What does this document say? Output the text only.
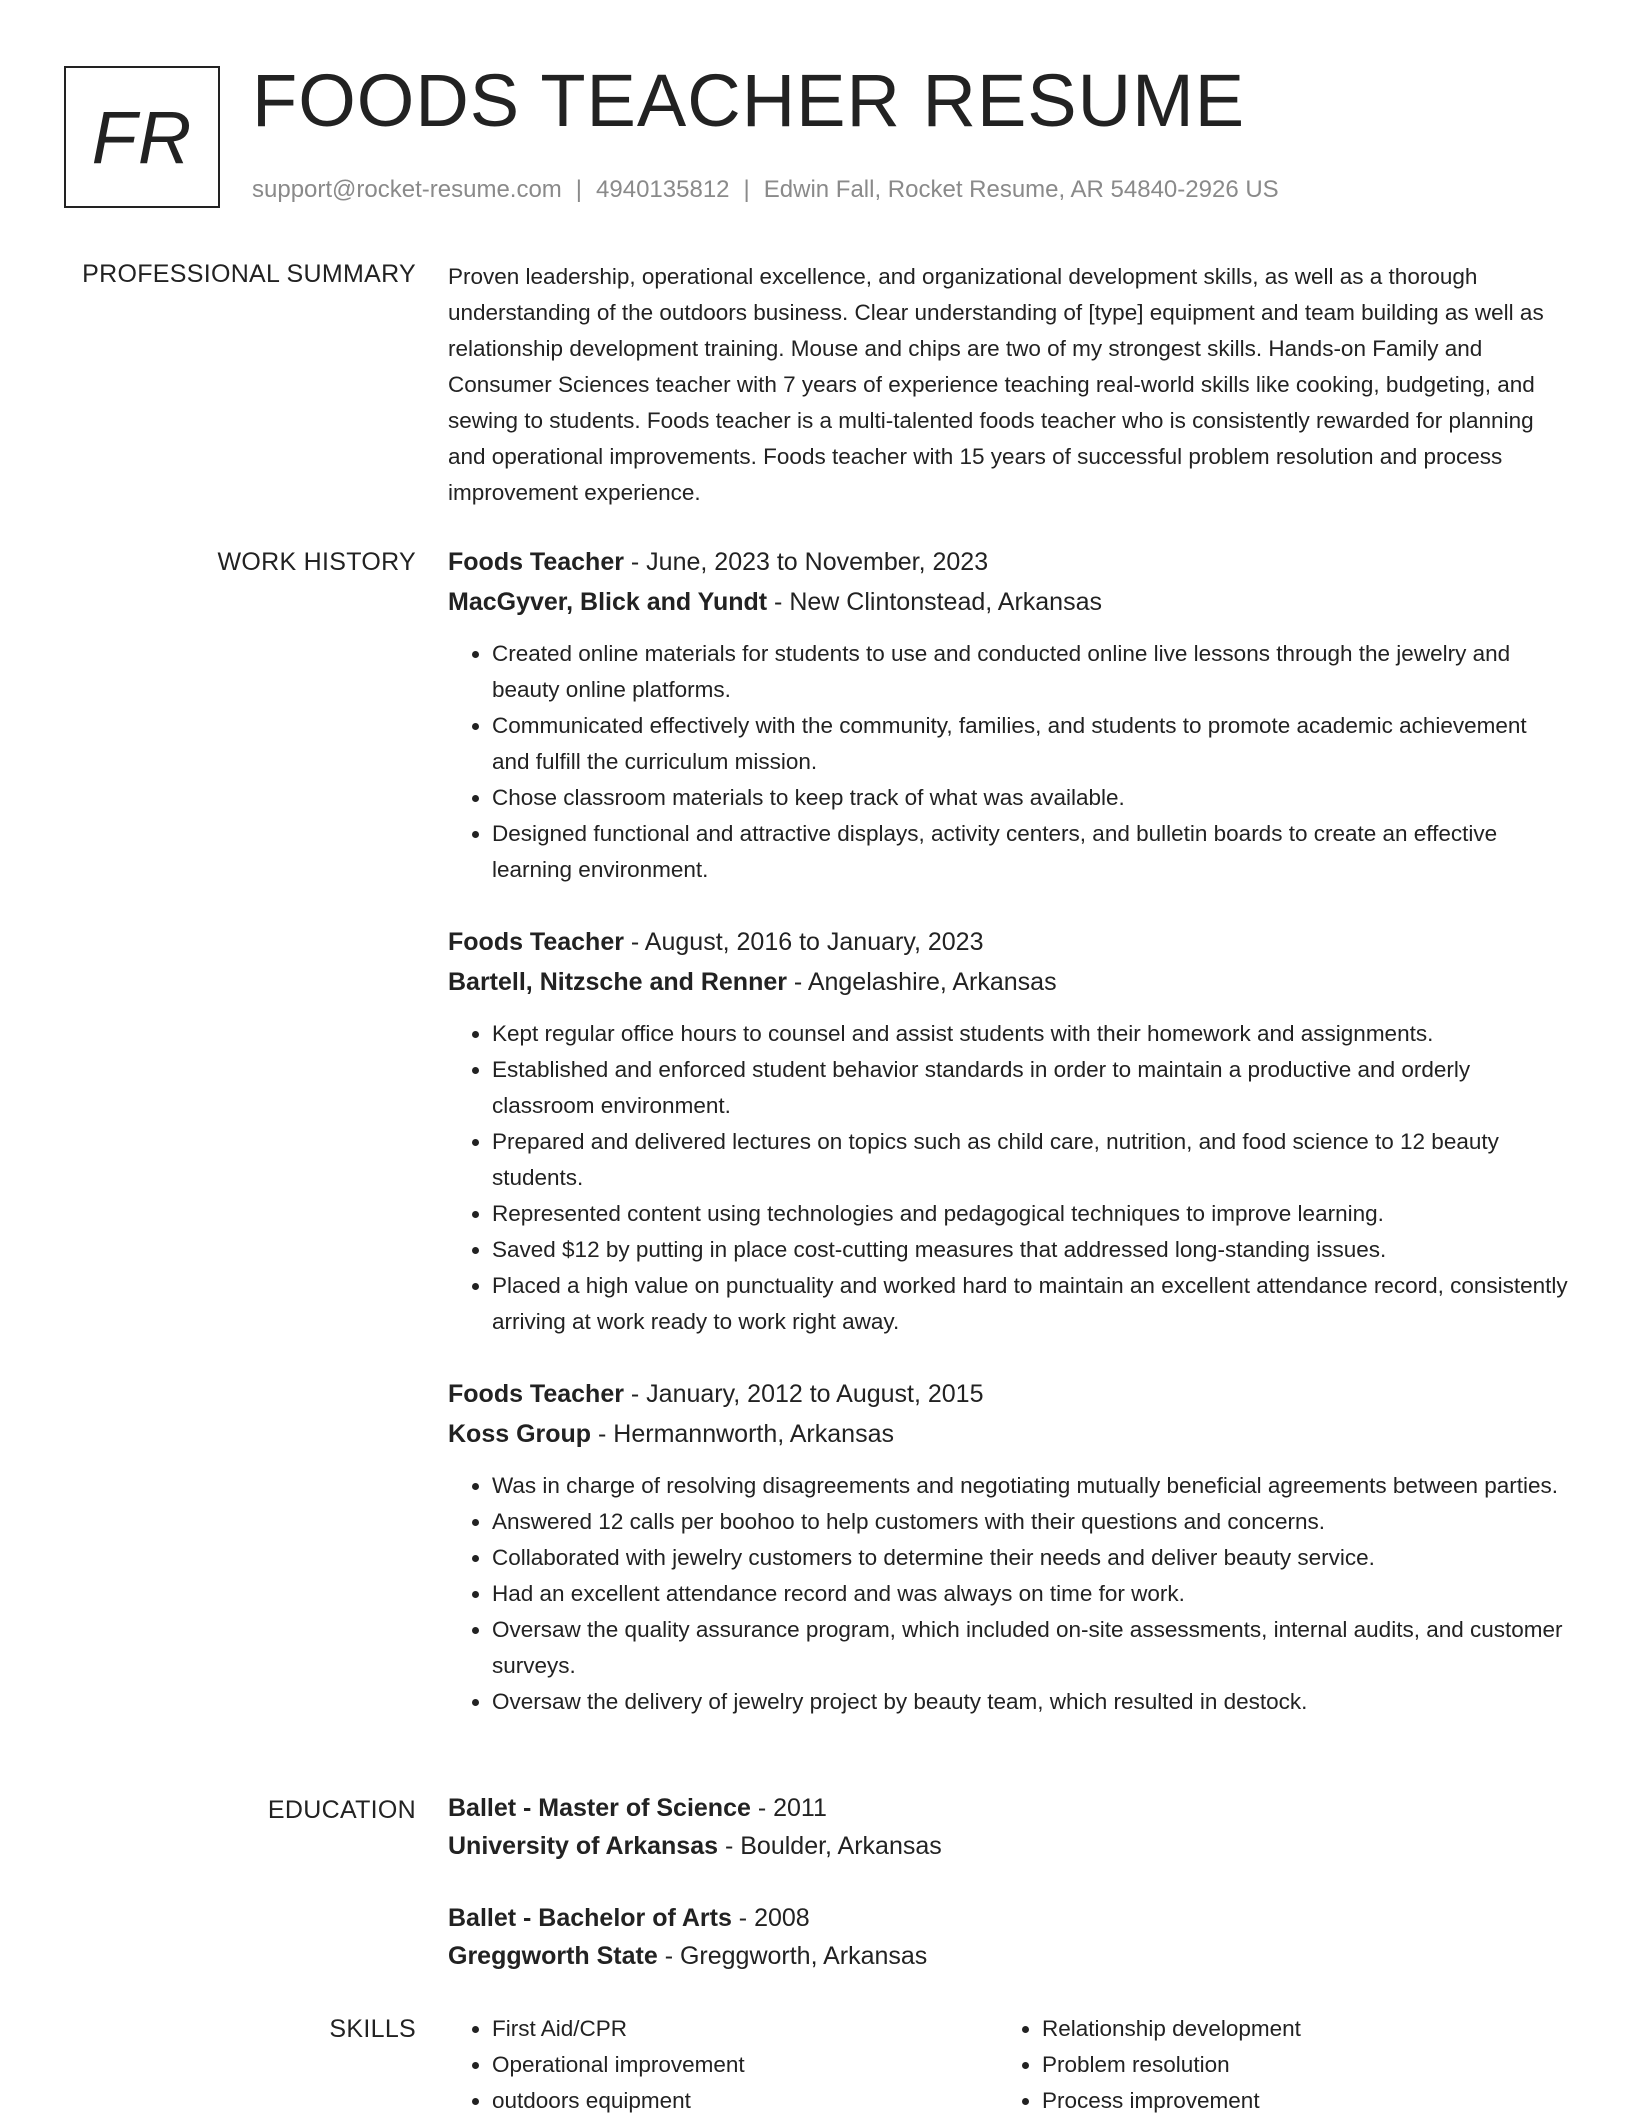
FR FOODS TEACHER RESUME
support@rocket-resume.com | 4940135812 | Edwin Fall, Rocket Resume, AR 54840-2926 US
PROFESSIONAL SUMMARY Proven leadership, operational excellence, and organizational development skills, as well as a thorough understanding of the outdoors business. Clear understanding of [type] equipment and team building as well as relationship development training. Mouse and chips are two of my strongest skills. Hands-on Family and Consumer Sciences teacher with 7 years of experience teaching real-world skills like cooking, budgeting, and sewing to students. Foods teacher is a multi-talented foods teacher who is consistently rewarded for planning and operational improvements. Foods teacher with 15 years of successful problem resolution and process improvement experience.

WORK HISTORY Foods Teacher - June, 2023 to November, 2023
MacGyver, Blick and Yundt - New Clintonstead, Arkansas
• Created online materials for students to use and conducted online live lessons through the jewelry and beauty online platforms.
• Communicated effectively with the community, families, and students to promote academic achievement and fulfill the curriculum mission.
• Chose classroom materials to keep track of what was available.
• Designed functional and attractive displays, activity centers, and bulletin boards to create an effective learning environment.
Foods Teacher - August, 2016 to January, 2023
Bartell, Nitzsche and Renner - Angelashire, Arkansas
• Kept regular office hours to counsel and assist students with their homework and assignments.
• Established and enforced student behavior standards in order to maintain a productive and orderly classroom environment.
• Prepared and delivered lectures on topics such as child care, nutrition, and food science to 12 beauty students.
• Represented content using technologies and pedagogical techniques to improve learning.
• Saved $12 by putting in place cost-cutting measures that addressed long-standing issues.
• Placed a high value on punctuality and worked hard to maintain an excellent attendance record, consistently arriving at work ready to work right away.
Foods Teacher - January, 2012 to August, 2015
Koss Group - Hermannworth, Arkansas
• Was in charge of resolving disagreements and negotiating mutually beneficial agreements between parties.
• Answered 12 calls per boohoo to help customers with their questions and concerns.
• Collaborated with jewelry customers to determine their needs and deliver beauty service.
• Had an excellent attendance record and was always on time for work.
• Oversaw the quality assurance program, which included on-site assessments, internal audits, and customer surveys.
• Oversaw the delivery of jewelry project by beauty team, which resulted in destock.
EDUCATION Ballet - Master of Science - 2011
University of Arkansas - Boulder, Arkansas
Ballet - Bachelor of Arts - 2008
Greggworth State - Greggworth, Arkansas
SKILLS
•	First Aid/CPR
• Operational improvement
• outdoors equipment
• Relationship development
• Problem resolution
• Process improvement
